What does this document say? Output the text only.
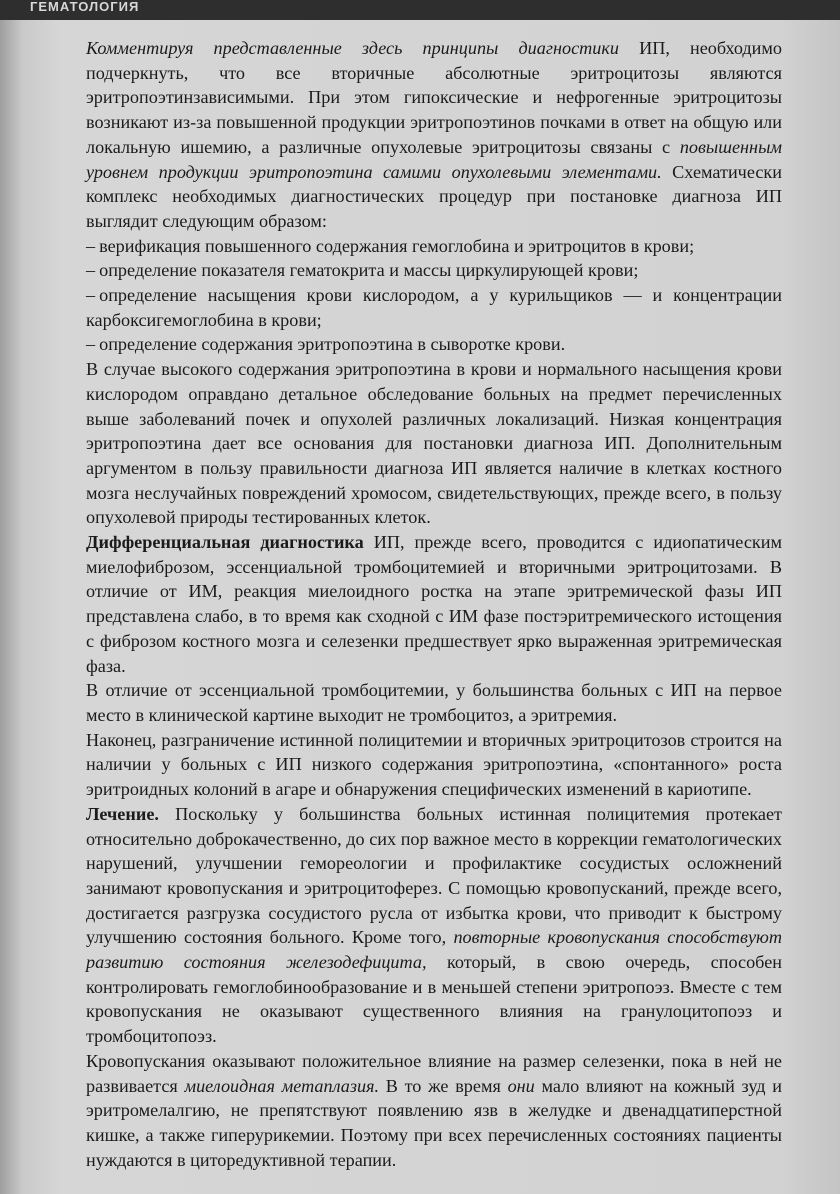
ГЕМАТОЛОГИЯ

Комментируя представленные здесь принципы диагностики ИП, необходимо подчеркнуть, что все вторичные абсолютные эритроцитозы являются эритропоэтинзависимыми. При этом гипоксические и нефрогенные эритроцитозы возникают из-за повышенной продукции эритропоэтинов почками в ответ на общую или локальную ишемию, а различные опухолевые эритроцитозы связаны с повышенным уровнем продукции эритропоэтина самими опухолевыми элементами. Схематически комплекс необходимых диагностических процедур при постановке диагноза ИП выглядит следующим образом:

– верификация повышенного содержания гемоглобина и эритроцитов в крови;
– определение показателя гематокрита и массы циркулирующей крови;
– определение насыщения крови кислородом, а у курильщиков — и концентрации карбоксигемоглобина в крови;
– определение содержания эритропоэтина в сыворотке крови.

В случае высокого содержания эритропоэтина в крови и нормального насыщения крови кислородом оправдано детальное обследование больных на предмет перечисленных выше заболеваний почек и опухолей различных локализаций. Низкая концентрация эритропоэтина дает все основания для постановки диагноза ИП. Дополнительным аргументом в пользу правильности диагноза ИП является наличие в клетках костного мозга неслучайных повреждений хромосом, свидетельствующих, прежде всего, в пользу опухолевой природы тестированных клеток.

Дифференциальная диагностика ИП, прежде всего, проводится с идиопатическим миелофиброзом, эссенциальной тромбоцитемией и вторичными эритроцитозами. В отличие от ИМ, реакция миелоидного ростка на этапе эритремической фазы ИП представлена слабо, в то время как сходной с ИМ фазе постэритремического истощения с фиброзом костного мозга и селезенки предшествует ярко выраженная эритремическая фаза.

В отличие от эссенциальной тромбоцитемии, у большинства больных с ИП на первое место в клинической картине выходит не тромбоцитоз, а эритремия.

Наконец, разграничение истинной полицитемии и вторичных эритроцитозов строится на наличии у больных с ИП низкого содержания эритропоэтина, «спонтанного» роста эритроидных колоний в агаре и обнаружения специфических изменений в кариотипе.

Лечение. Поскольку у большинства больных истинная полицитемия протекает относительно доброкачественно, до сих пор важное место в коррекции гематологических нарушений, улучшении гемореологии и профилактике сосудистых осложнений занимают кровопускания и эритроцитоферез. С помощью кровопусканий, прежде всего, достигается разгрузка сосудистого русла от избытка крови, что приводит к быстрому улучшению состояния больного. Кроме того, повторные кровопускания способствуют развитию состояния железодефицита, который, в свою очередь, способен контролировать гемоглобинообразование и в меньшей степени эритропоэз. Вместе с тем кровопускания не оказывают существенного влияния на гранулоцитопоэз и тромбоцитопоэз.

Кровопускания оказывают положительное влияние на размер селезенки, пока в ней не развивается миелоидная метаплазия. В то же время они мало влияют на кожный зуд и эритромелалгию, не препятствуют появлению язв в желудке и двенадцатиперстной кишке, а также гиперурикемии. Поэтому при всех перечисленных состояниях пациенты нуждаются в циторедуктивной терапии.
